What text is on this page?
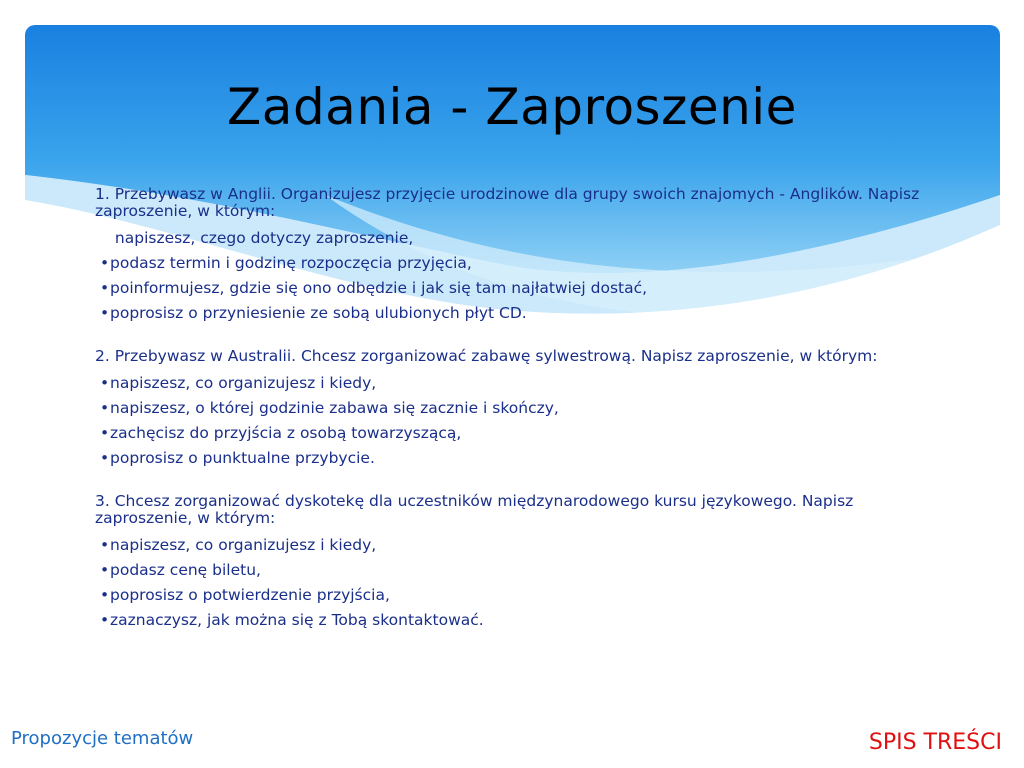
Zadania - Zaproszenie

1. Przebywasz w Anglii. Organizujesz przyjęcie urodzinowe dla grupy swoich znajomych - Anglików. Napisz zaproszenie, w którym:

napiszesz, czego dotyczy zaproszenie,
•podasz termin i godzinę rozpoczęcia przyjęcia,
•poinformujesz, gdzie się ono odbędzie i jak się tam najłatwiej dostać,
•poprosisz o przyniesienie ze sobą ulubionych płyt CD.

2. Przebywasz w Australii. Chcesz zorganizować zabawę sylwestrową. Napisz zaproszenie, w którym:

•napiszesz, co organizujesz i kiedy,
•napiszesz, o której godzinie zabawa się zacznie i skończy,
•zachęcisz do przyjścia z osobą towarzyszącą,
•poprosisz o punktualne przybycie.

3. Chcesz zorganizować dyskotekę dla uczestników międzynarodowego kursu językowego. Napisz zaproszenie, w którym:

•napiszesz, co organizujesz i kiedy,
•podasz cenę biletu,
•poprosisz o potwierdzenie przyjścia,
•zaznaczysz, jak można się z Tobą skontaktować.
Propozycje tematów	SPIS TREŚCI
